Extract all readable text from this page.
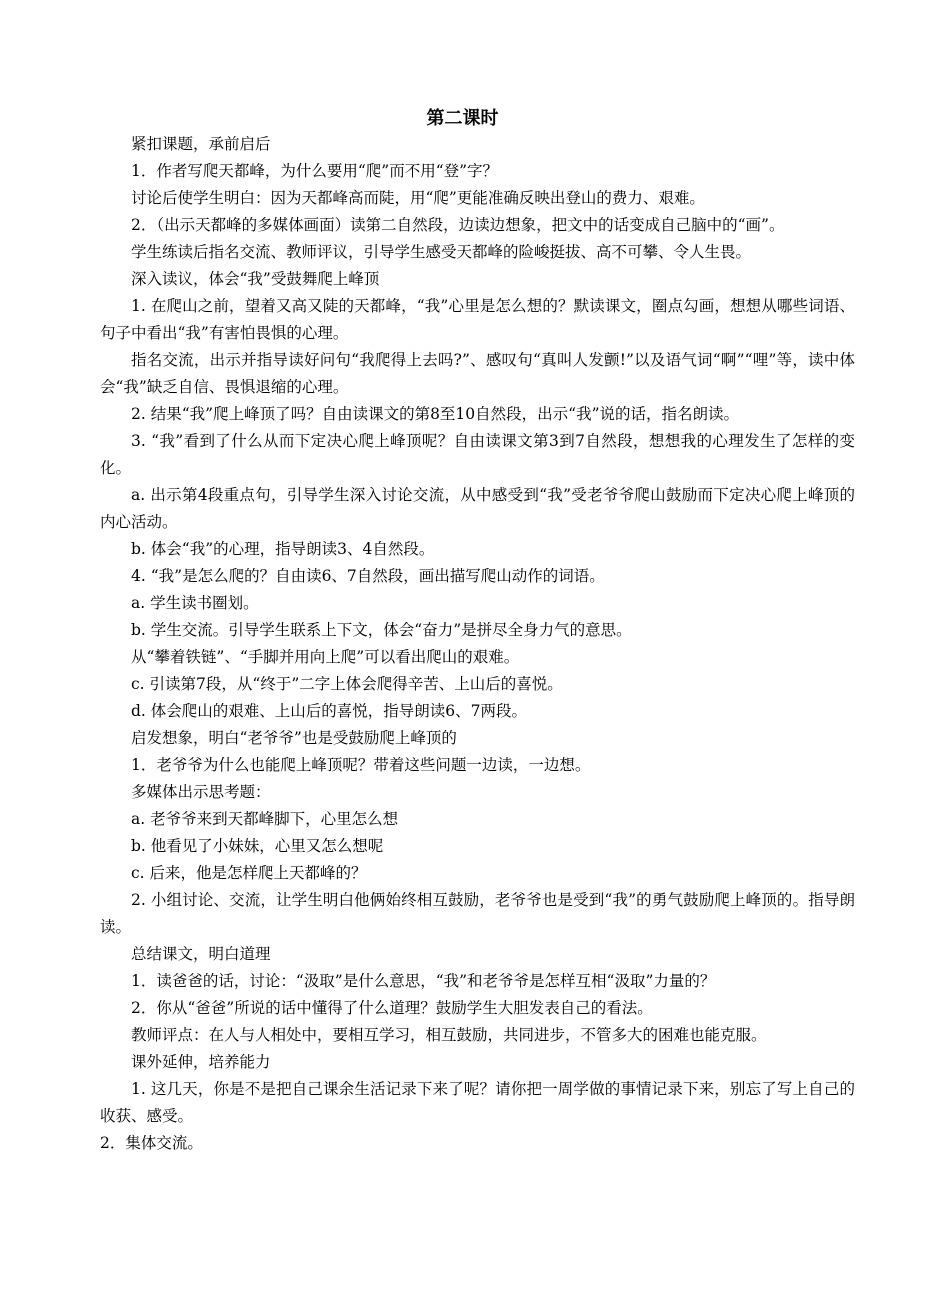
第二课时

紧扣课题，承前启后

1．作者写爬天都峰，为什么要用“爬”而不用“登”字？

讨论后使学生明白：因为天都峰高而陡，用“爬”更能准确反映出登山的费力、艰难。

2．（出示天都峰的多媒体画面）读第二自然段，边读边想象，把文中的话变成自己脑中的“画”。

学生练读后指名交流、教师评议，引导学生感受天都峰的险峻挺拔、高不可攀、令人生畏。

深入读议，体会“我”受鼓舞爬上峰顶

1. 在爬山之前，望着又高又陡的天都峰，“我”心里是怎么想的？默读课文，圈点勾画，想想从哪些词语、句子中看出“我”有害怕畏惧的心理。

指名交流，出示并指导读好问句“我爬得上去吗?”、感叹句“真叫人发颤!”以及语气词“啊”“哩”等，读中体会“我”缺乏自信、畏惧退缩的心理。

2. 结果“我”爬上峰顶了吗？自由读课文的第8至10自然段，出示“我”说的话，指名朗读。

3. “我”看到了什么从而下定决心爬上峰顶呢？自由读课文第3到7自然段，想想我的心理发生了怎样的变化。

a. 出示第4段重点句，引导学生深入讨论交流，从中感受到“我”受老爷爷爬山鼓励而下定决心爬上峰顶的内心活动。

b. 体会“我”的心理，指导朗读3、4自然段。

4. “我”是怎么爬的？自由读6、7自然段，画出描写爬山动作的词语。

a. 学生读书圈划。

b. 学生交流。引导学生联系上下文，体会“奋力”是拼尽全身力气的意思。

从“攀着铁链”、“手脚并用向上爬”可以看出爬山的艰难。

c. 引读第7段，从“终于”二字上体会爬得辛苦、上山后的喜悦。

d. 体会爬山的艰难、上山后的喜悦，指导朗读6、7两段。

启发想象，明白“老爷爷”也是受鼓励爬上峰顶的

1．老爷爷为什么也能爬上峰顶呢？带着这些问题一边读，一边想。

多媒体出示思考题：

a. 老爷爷来到天都峰脚下，心里怎么想

b. 他看见了小妹妹，心里又怎么想呢

c. 后来，他是怎样爬上天都峰的？

2. 小组讨论、交流，让学生明白他俩始终相互鼓励，老爷爷也是受到“我”的勇气鼓励爬上峰顶的。指导朗读。

总结课文，明白道理

1．读爸爸的话，讨论：“汲取”是什么意思，“我”和老爷爷是怎样互相“汲取”力量的？

2．你从“爸爸”所说的话中懂得了什么道理？鼓励学生大胆发表自己的看法。

教师评点：在人与人相处中，要相互学习，相互鼓励，共同进步，不管多大的困难也能克服。

课外延伸，培养能力

1. 这几天，你是不是把自己课余生活记录下来了呢？请你把一周学做的事情记录下来，别忘了写上自己的收获、感受。

2．集体交流。
